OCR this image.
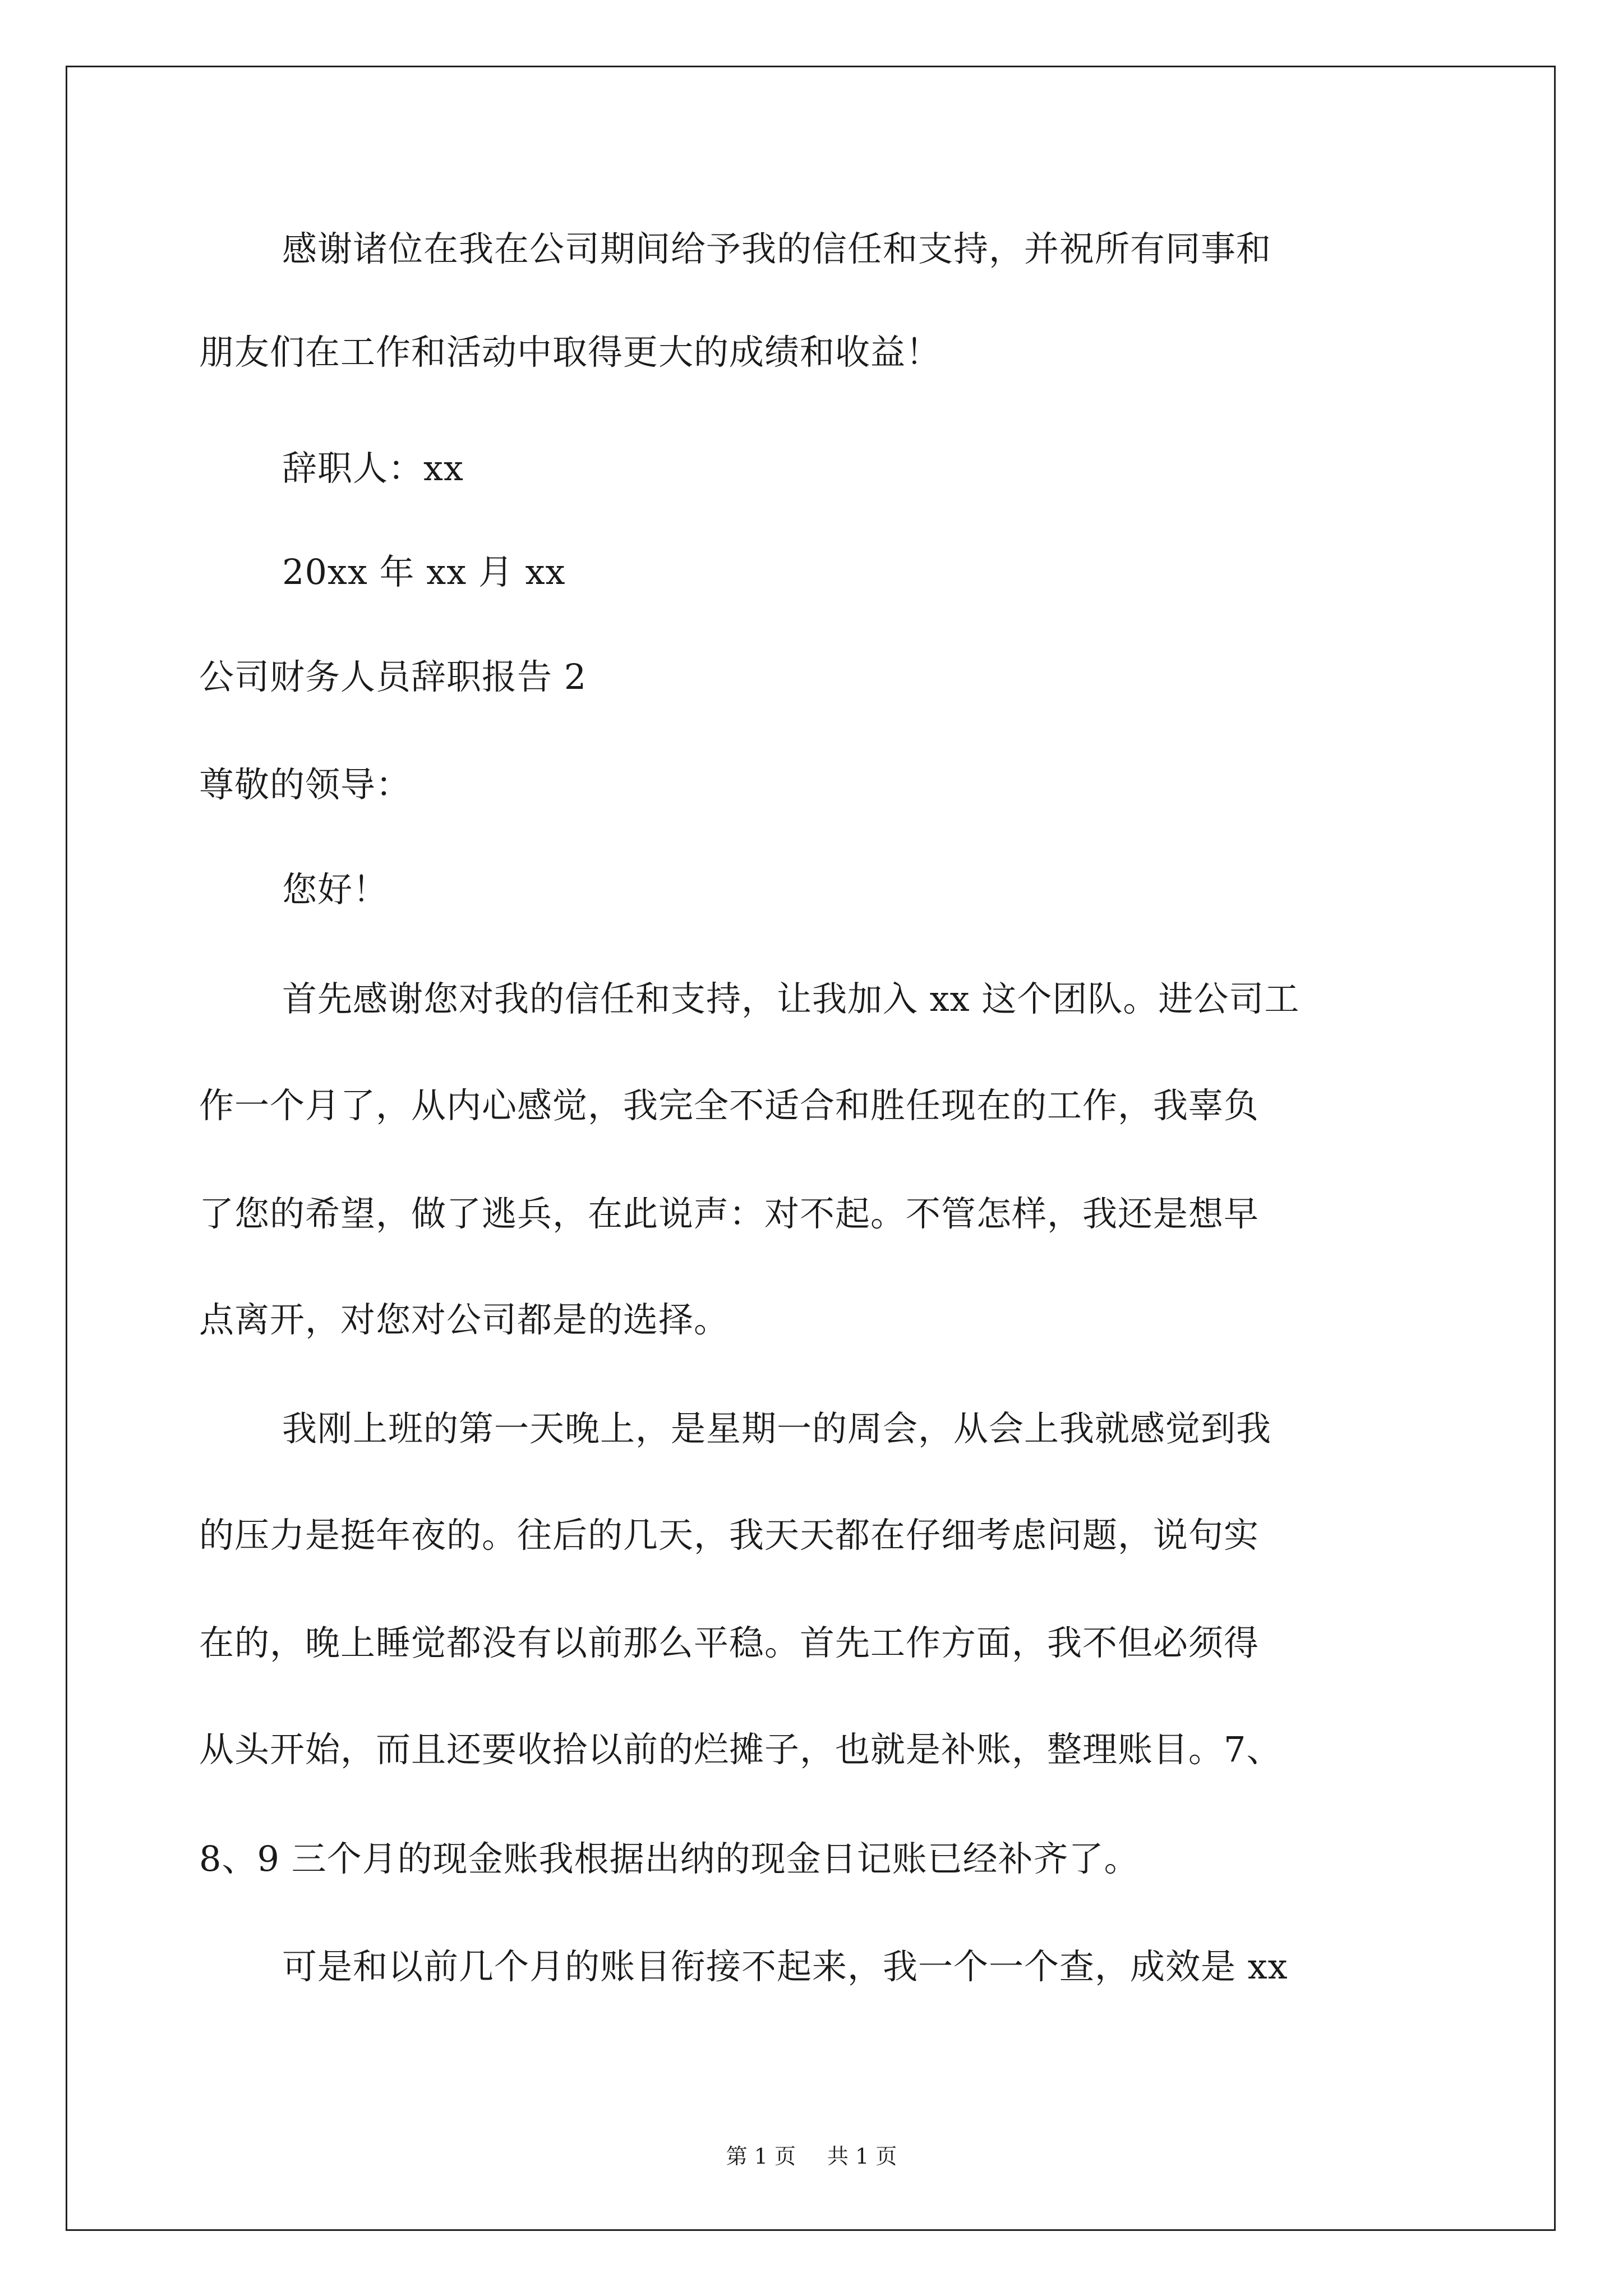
感谢诸位在我在公司期间给予我的信任和支持，并祝所有同事和
朋友们在工作和活动中取得更大的成绩和收益！
辞职人：xx
20xx 年 xx 月 xx
公司财务人员辞职报告 2
尊敬的领导：
您好！
首先感谢您对我的信任和支持，让我加入 xx 这个团队。进公司工
作一个月了，从内心感觉，我完全不适合和胜任现在的工作，我辜负
了您的希望，做了逃兵，在此说声：对不起。不管怎样，我还是想早
点离开，对您对公司都是的选择。
我刚上班的第一天晚上，是星期一的周会，从会上我就感觉到我
的压力是挺年夜的。往后的几天，我天天都在仔细考虑问题，说句实
在的，晚上睡觉都没有以前那么平稳。首先工作方面，我不但必须得
从头开始，而且还要收拾以前的烂摊子，也就是补账，整理账目。7、
8、9 三个月的现金账我根据出纳的现金日记账已经补齐了。
可是和以前几个月的账目衔接不起来，我一个一个查，成效是 xx
第 1 页 共 1 页
